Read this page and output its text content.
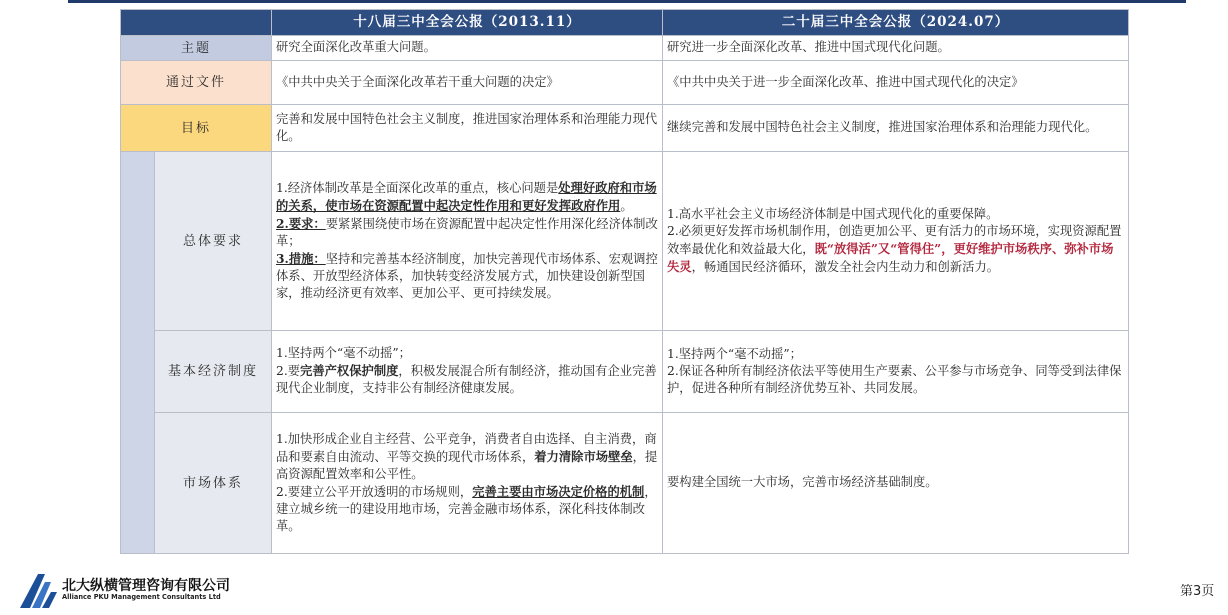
		十八届三中全会公报（2013.11）	二十届三中全会公报（2024.07）
主题		研究全面深化改革重大问题。	研究进一步全面深化改革、推进中国式现代化问题。
通过文件		《中共中央关于全面深化改革若干重大问题的决定》	《中共中央关于进一步全面深化改革、推进中国式现代化的决定》
目标		完善和发展中国特色社会主义制度，推进国家治理体系和治理能力现代化。	继续完善和发展中国特色社会主义制度，推进国家治理体系和治理能力现代化。
	总体要求	1.经济体制改革是全面深化改革的重点，核心问题是处理好政府和市场的关系，使市场在资源配置中起决定性作用和更好发挥政府作用。
2.要求：要紧紧围绕使市场在资源配置中起决定性作用深化经济体制改革；
3.措施：坚持和完善基本经济制度，加快完善现代市场体系、宏观调控体系、开放型经济体系，加快转变经济发展方式，加快建设创新型国家，推动经济更有效率、更加公平、更可持续发展。	1.高水平社会主义市场经济体制是中国式现代化的重要保障。
2.必须更好发挥市场机制作用，创造更加公平、更有活力的市场环境，实现资源配置效率最优化和效益最大化，既“放得活”又“管得住”，更好维护市场秩序、弥补市场失灵，畅通国民经济循环，激发全社会内生动力和创新活力。
	基本经济制度	1.坚持两个“毫不动摇”；
2.要完善产权保护制度，积极发展混合所有制经济，推动国有企业完善现代企业制度，支持非公有制经济健康发展。	1.坚持两个“毫不动摇”；
2.保证各种所有制经济依法平等使用生产要素、公平参与市场竞争、同等受到法律保护，促进各种所有制经济优势互补、共同发展。
	市场体系	1.加快形成企业自主经营、公平竞争，消费者自由选择、自主消费，商品和要素自由流动、平等交换的现代市场体系，着力清除市场壁垒，提高资源配置效率和公平性。
2.要建立公平开放透明的市场规则，完善主要由市场决定价格的机制，建立城乡统一的建设用地市场，完善金融市场体系，深化科技体制改革。	要构建全国统一大市场，完善市场经济基础制度。
北大纵横管理咨询有限公司
Alliance PKU Management Consultants Ltd	第3页
